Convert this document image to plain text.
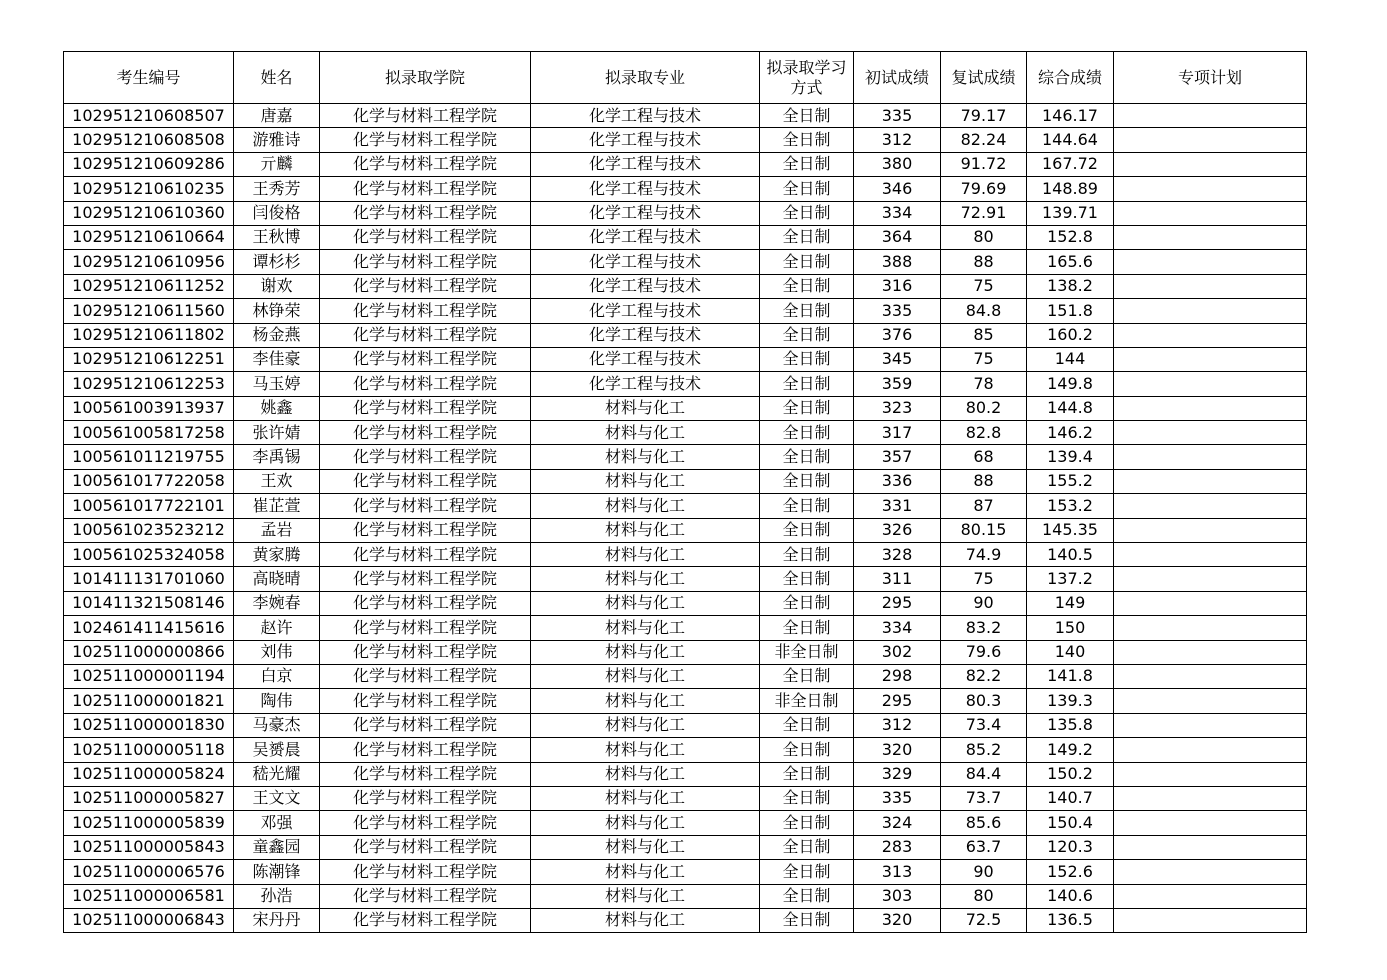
考生编号	姓名	拟录取学院	拟录取专业	拟录取学习方式	初试成绩	复试成绩	综合成绩	专项计划
102951210608507	唐嘉	化学与材料工程学院	化学工程与技术	全日制	335	79.17	146.17	
102951210608508	游雅诗	化学与材料工程学院	化学工程与技术	全日制	312	82.24	144.64	
102951210609286	亓麟	化学与材料工程学院	化学工程与技术	全日制	380	91.72	167.72	
102951210610235	王秀芳	化学与材料工程学院	化学工程与技术	全日制	346	79.69	148.89	
102951210610360	闫俊格	化学与材料工程学院	化学工程与技术	全日制	334	72.91	139.71	
102951210610664	王秋博	化学与材料工程学院	化学工程与技术	全日制	364	80	152.8	
102951210610956	谭杉杉	化学与材料工程学院	化学工程与技术	全日制	388	88	165.6	
102951210611252	谢欢	化学与材料工程学院	化学工程与技术	全日制	316	75	138.2	
102951210611560	林铮荣	化学与材料工程学院	化学工程与技术	全日制	335	84.8	151.8	
102951210611802	杨金燕	化学与材料工程学院	化学工程与技术	全日制	376	85	160.2	
102951210612251	李佳豪	化学与材料工程学院	化学工程与技术	全日制	345	75	144	
102951210612253	马玉婷	化学与材料工程学院	化学工程与技术	全日制	359	78	149.8	
100561003913937	姚鑫	化学与材料工程学院	材料与化工	全日制	323	80.2	144.8	
100561005817258	张许婧	化学与材料工程学院	材料与化工	全日制	317	82.8	146.2	
100561011219755	李禹锡	化学与材料工程学院	材料与化工	全日制	357	68	139.4	
100561017722058	王欢	化学与材料工程学院	材料与化工	全日制	336	88	155.2	
100561017722101	崔芷萱	化学与材料工程学院	材料与化工	全日制	331	87	153.2	
100561023523212	孟岩	化学与材料工程学院	材料与化工	全日制	326	80.15	145.35	
100561025324058	黄家腾	化学与材料工程学院	材料与化工	全日制	328	74.9	140.5	
101411131701060	高晓晴	化学与材料工程学院	材料与化工	全日制	311	75	137.2	
101411321508146	李婉春	化学与材料工程学院	材料与化工	全日制	295	90	149	
102461411415616	赵许	化学与材料工程学院	材料与化工	全日制	334	83.2	150	
102511000000866	刘伟	化学与材料工程学院	材料与化工	非全日制	302	79.6	140	
102511000001194	白京	化学与材料工程学院	材料与化工	全日制	298	82.2	141.8	
102511000001821	陶伟	化学与材料工程学院	材料与化工	非全日制	295	80.3	139.3	
102511000001830	马豪杰	化学与材料工程学院	材料与化工	全日制	312	73.4	135.8	
102511000005118	吴赟晨	化学与材料工程学院	材料与化工	全日制	320	85.2	149.2	
102511000005824	嵇光耀	化学与材料工程学院	材料与化工	全日制	329	84.4	150.2	
102511000005827	王文文	化学与材料工程学院	材料与化工	全日制	335	73.7	140.7	
102511000005839	邓强	化学与材料工程学院	材料与化工	全日制	324	85.6	150.4	
102511000005843	童鑫园	化学与材料工程学院	材料与化工	全日制	283	63.7	120.3	
102511000006576	陈潮锋	化学与材料工程学院	材料与化工	全日制	313	90	152.6	
102511000006581	孙浩	化学与材料工程学院	材料与化工	全日制	303	80	140.6	
102511000006843	宋丹丹	化学与材料工程学院	材料与化工	全日制	320	72.5	136.5	
